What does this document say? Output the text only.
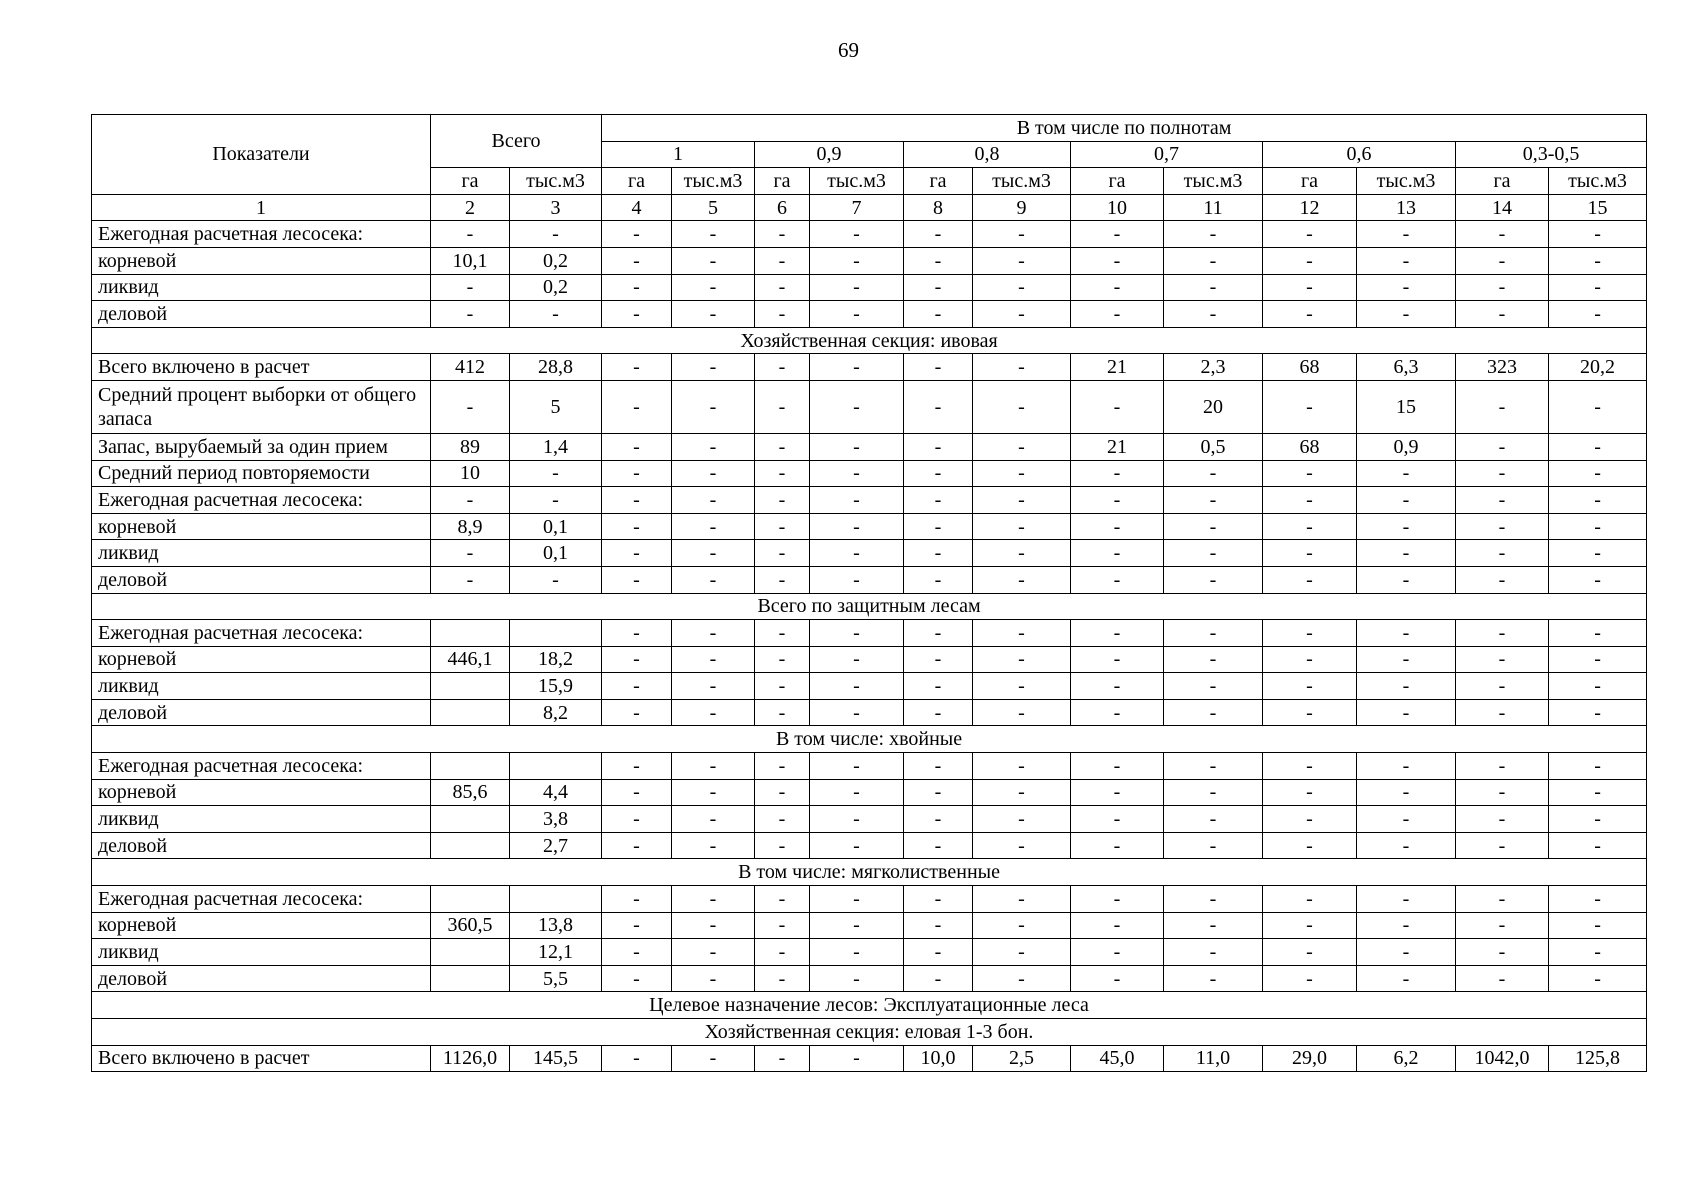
69
Показатели	Всего		В том числе по полнотам											
			1		0,9		0,8		0,7		0,6		0,3-0,5	
	га	тыс.м3	га	тыс.м3	га	тыс.м3	га	тыс.м3	га	тыс.м3	га	тыс.м3	га	тыс.м3
1	2	3	4	5	6	7	8	9	10	11	12	13	14	15
Ежегодная расчетная лесосека:	-	-	-	-	-	-	-	-	-	-	-	-	-	-
корневой	10,1	0,2	-	-	-	-	-	-	-	-	-	-	-	-
ликвид	-	0,2	-	-	-	-	-	-	-	-	-	-	-	-
деловой	-	-	-	-	-	-	-	-	-	-	-	-	-	-
Хозяйственная секция: ивовая														
Всего включено в расчет	412	28,8	-	-	-	-	-	-	21	2,3	68	6,3	323	20,2
Средний процент выборки от общего запаса	-	5	-	-	-	-	-	-	-	20	-	15	-	-
Запас, вырубаемый за один прием	89	1,4	-	-	-	-	-	-	21	0,5	68	0,9	-	-
Средний период повторяемости	10	-	-	-	-	-	-	-	-	-	-	-	-	-
Ежегодная расчетная лесосека:	-	-	-	-	-	-	-	-	-	-	-	-	-	-
корневой	8,9	0,1	-	-	-	-	-	-	-	-	-	-	-	-
ликвид	-	0,1	-	-	-	-	-	-	-	-	-	-	-	-
деловой	-	-	-	-	-	-	-	-	-	-	-	-	-	-
Всего по защитным лесам														
Ежегодная расчетная лесосека:			-	-	-	-	-	-	-	-	-	-	-	-
корневой	446,1	18,2	-	-	-	-	-	-	-	-	-	-	-	-
ликвид		15,9	-	-	-	-	-	-	-	-	-	-	-	-
деловой		8,2	-	-	-	-	-	-	-	-	-	-	-	-
В том числе: хвойные														
Ежегодная расчетная лесосека:			-	-	-	-	-	-	-	-	-	-	-	-
корневой	85,6	4,4	-	-	-	-	-	-	-	-	-	-	-	-
ликвид		3,8	-	-	-	-	-	-	-	-	-	-	-	-
деловой		2,7	-	-	-	-	-	-	-	-	-	-	-	-
В том числе: мягколиственные														
Ежегодная расчетная лесосека:			-	-	-	-	-	-	-	-	-	-	-	-
корневой	360,5	13,8	-	-	-	-	-	-	-	-	-	-	-	-
ликвид		12,1	-	-	-	-	-	-	-	-	-	-	-	-
деловой		5,5	-	-	-	-	-	-	-	-	-	-	-	-
Целевое назначение лесов: Эксплуатационные леса														
Хозяйственная секция: еловая 1-3 бон.														
Всего включено в расчет	1126,0	145,5	-	-	-	-	10,0	2,5	45,0	11,0	29,0	6,2	1042,0	125,8
